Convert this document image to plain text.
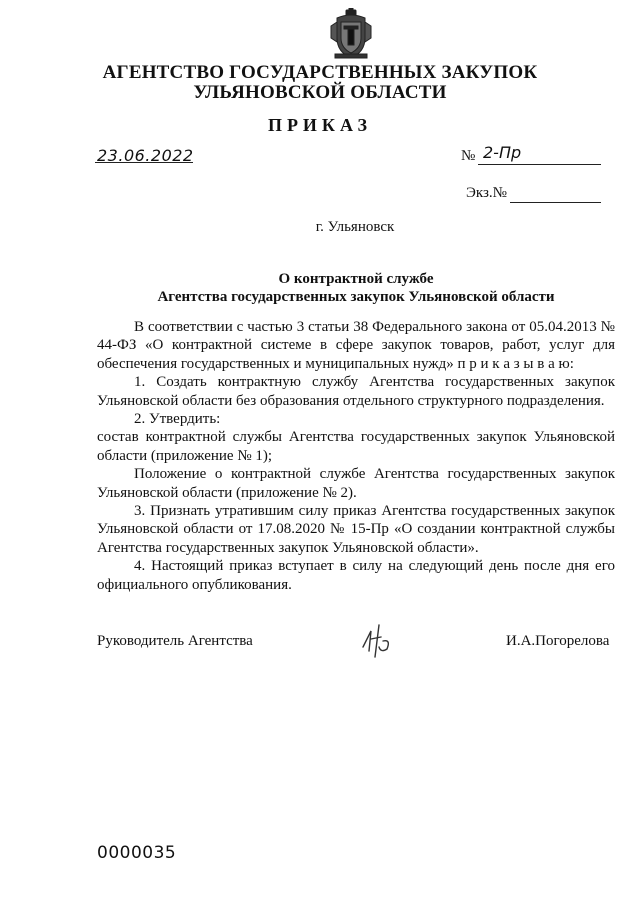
АГЕНТСТВО ГОСУДАРСТВЕННЫХ ЗАКУПОК
УЛЬЯНОВСКОЙ ОБЛАСТИ
ПРИКАЗ
23.06.2022	№ 2-Пр
Экз.№
г. Ульяновск
О контрактной службе
Агентства государственных закупок Ульяновской области

В соответствии с частью 3 статьи 38 Федерального закона от 05.04.2013 № 44-ФЗ «О контрактной системе в сфере закупок товаров, работ, услуг для обеспечения государственных и муниципальных нужд» п р и к а з ы в а ю:

1. Создать контрактную службу Агентства государственных закупок Ульяновской области без образования отдельного структурного подразделения.

2. Утвердить:

состав контрактной службы Агентства государственных закупок Ульяновской области (приложение № 1);

Положение о контрактной службе Агентства государственных закупок Ульяновской области (приложение № 2).

3. Признать утратившим силу приказ Агентства государственных закупок Ульяновской области от 17.08.2020 № 15-Пр «О создании контрактной службы Агентства государственных закупок Ульяновской области».

4. Настоящий приказ вступает в силу на следующий день после дня его официального опубликования.

Руководитель Агентства	И.А.Погорелова
0000035
